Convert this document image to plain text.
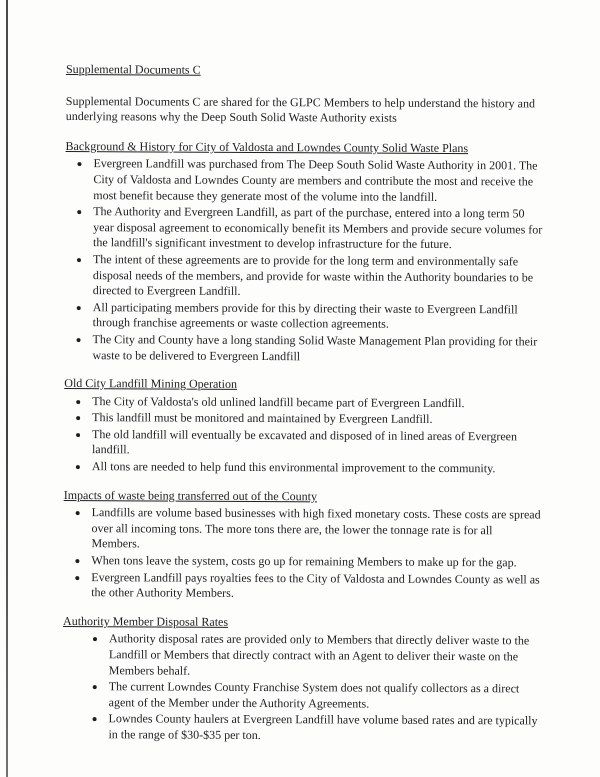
Supplemental Documents C

Supplemental Documents C are shared for the GLPC Members to help understand the history and underlying reasons why the Deep South Solid Waste Authority exists

Background & History for City of Valdosta and Lowndes County Solid Waste Plans
• Evergreen Landfill was purchased from The Deep South Solid Waste Authority in 2001. The City of Valdosta and Lowndes County are members and contribute the most and receive the most benefit because they generate most of the volume into the landfill.
• The Authority and Evergreen Landfill, as part of the purchase, entered into a long term 50 year disposal agreement to economically benefit its Members and provide secure volumes for the landfill's significant investment to develop infrastructure for the future.
• The intent of these agreements are to provide for the long term and environmentally safe disposal needs of the members, and provide for waste within the Authority boundaries to be directed to Evergreen Landfill.
• All participating members provide for this by directing their waste to Evergreen Landfill through franchise agreements or waste collection agreements.
• The City and County have a long standing Solid Waste Management Plan providing for their waste to be delivered to Evergreen Landfill
Old City Landfill Mining Operation
• The City of Valdosta's old unlined landfill became part of Evergreen Landfill.
• This landfill must be monitored and maintained by Evergreen Landfill.
• The old landfill will eventually be excavated and disposed of in lined areas of Evergreen landfill.
• All tons are needed to help fund this environmental improvement to the community.
Impacts of waste being transferred out of the County
• Landfills are volume based businesses with high fixed monetary costs. These costs are spread over all incoming tons. The more tons there are, the lower the tonnage rate is for all Members.
• When tons leave the system, costs go up for remaining Members to make up for the gap.
• Evergreen Landfill pays royalties fees to the City of Valdosta and Lowndes County as well as the other Authority Members.
Authority Member Disposal Rates
• Authority disposal rates are provided only to Members that directly deliver waste to the Landfill or Members that directly contract with an Agent to deliver their waste on the Members behalf.
• The current Lowndes County Franchise System does not qualify collectors as a direct agent of the Member under the Authority Agreements.
• Lowndes County haulers at Evergreen Landfill have volume based rates and are typically in the range of $30-$35 per ton.
